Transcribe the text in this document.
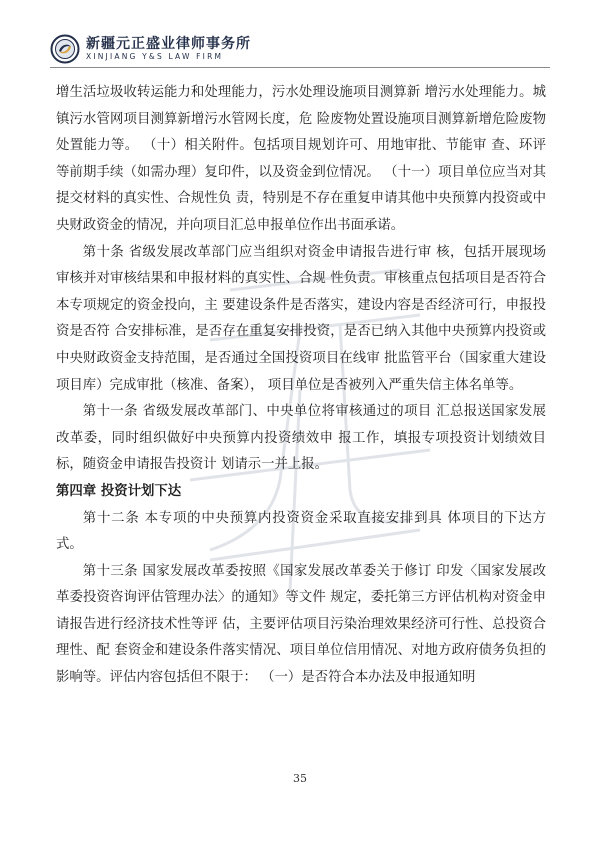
新疆元正盛业律师事务所
XINJIANG Y&S LAW FIRM

增生活垃圾收转运能力和处理能力，污水处理设施项目测算新 增污水处理能力。城镇污水管网项目测算新增污水管网长度，危 险废物处置设施项目测算新增危险废物处置能力等。 （十）相关附件。包括项目规划许可、用地审批、节能审 查、环评等前期手续（如需办理）复印件，以及资金到位情况。 （十一）项目单位应当对其提交材料的真实性、合规性负 责，特别是不存在重复申请其他中央预算内投资或中央财政资金的情况，并向项目汇总申报单位作出书面承诺。

第十条 省级发展改革部门应当组织对资金申请报告进行审 核，包括开展现场审核并对审核结果和申报材料的真实性、合规 性负责。审核重点包括项目是否符合本专项规定的资金投向，主 要建设条件是否落实，建设内容是否经济可行，申报投资是否符 合安排标准，是否存在重复安排投资，是否已纳入其他中央预算内投资或中央财政资金支持范围，是否通过全国投资项目在线审 批监管平台（国家重大建设项目库）完成审批（核准、备案）， 项目单位是否被列入严重失信主体名单等。

第十一条 省级发展改革部门、中央单位将审核通过的项目 汇总报送国家发展改革委，同时组织做好中央预算内投资绩效申 报工作，填报专项投资计划绩效目标，随资金申请报告投资计 划请示一并上报。

第四章 投资计划下达

第十二条 本专项的中央预算内投资资金采取直接安排到具 体项目的下达方式。

第十三条 国家发展改革委按照《国家发展改革委关于修订 印发〈国家发展改革委投资咨询评估管理办法〉的通知》等文件 规定，委托第三方评估机构对资金申请报告进行经济技术性等评 估，主要评估项目污染治理效果经济可行性、总投资合理性、配 套资金和建设条件落实情况、项目单位信用情况、对地方政府债务负担的影响等。评估内容包括但不限于： （一）是否符合本办法及申报通知明

35
